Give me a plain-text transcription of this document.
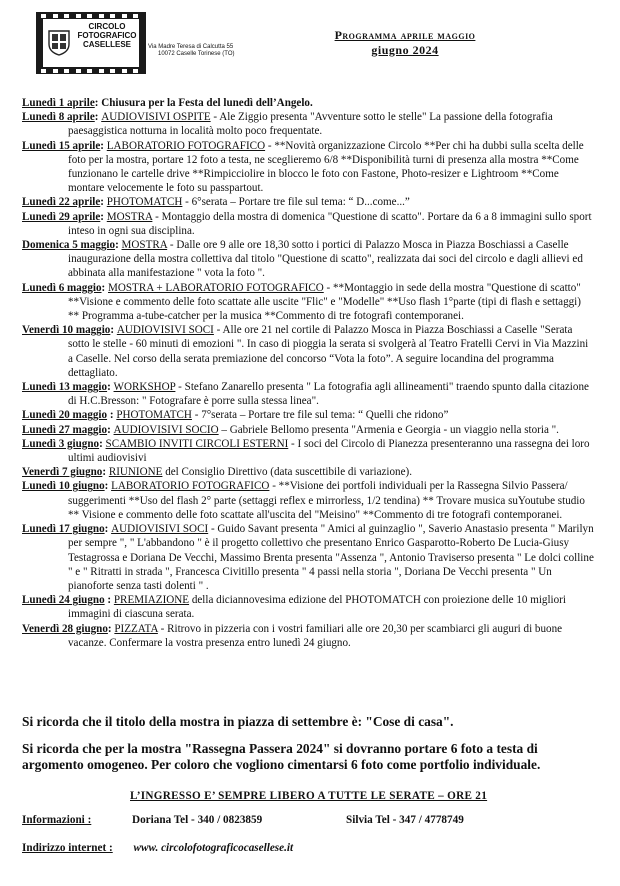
CIRCOLO
FOTOGRAFICO
CASELLESE	Via Madre Teresa di Calcutta 55
10072 Caselle Torinese (TO)
Programma aprile maggio
giugno 2024

Lunedì 1 aprile: Chiusura per la Festa del lunedì dell’Angelo.

Lunedì 8 aprile: AUDIOVISIVI OSPITE - Ale Ziggio presenta "Avventure sotto le stelle" La passione della fotografia paesaggistica notturna in località molto poco frequentate.

Lunedì 15 aprile: LABORATORIO FOTOGRAFICO - **Novità organizzazione Circolo **Per chi ha dubbi sulla scelta delle foto per la mostra, portare 12 foto a testa, ne sceglieremo 6/8 **Disponibilità turni di presenza alla mostra **Come funzionano le cartelle drive **Rimpicciolire in blocco le foto con Fastone, Photo-resizer e Lightroom **Come montare velocemente le foto su passpartout.

Lunedì 22 aprile: PHOTOMATCH - 6°serata – Portare tre file sul tema: “ D...come...”

Lunedì 29 aprile: MOSTRA - Montaggio della mostra di domenica "Questione di scatto". Portare da 6 a 8 immagini sullo sport inteso in ogni sua disciplina.

Domenica 5 maggio: MOSTRA - Dalle ore 9 alle ore 18,30 sotto i portici di Palazzo Mosca in Piazza Boschiassi a Caselle inaugurazione della mostra collettiva dal titolo "Questione di scatto", realizzata dai soci del circolo e dagli allievi ed abbinata alla manifestazione " vota la foto ".

Lunedì 6 maggio: MOSTRA + LABORATORIO FOTOGRAFICO - **Montaggio in sede della mostra "Questione di scatto" **Visione e commento delle foto scattate alle uscite "Flic" e "Modelle" **Uso flash 1°parte (tipi di flash e settaggi) ** Programma a-tube-catcher per la musica **Commento di tre fotografi contemporanei.

Venerdì 10 maggio: AUDIOVISIVI SOCI - Alle ore 21 nel cortile di Palazzo Mosca in Piazza Boschiassi a Caselle "Serata sotto le stelle - 60 minuti di emozioni ". In caso di pioggia la serata si svolgerà al Teatro Fratelli Cervi in Via Mazzini a Caselle. Nel corso della serata premiazione del concorso “Vota la foto”. A seguire locandina del programma dettagliato.

Lunedì 13 maggio: WORKSHOP - Stefano Zanarello presenta " La fotografia agli allineamenti" traendo spunto dalla citazione di H.C.Bresson: " Fotografare è porre sulla stessa linea".

Lunedì 20 maggio : PHOTOMATCH - 7°serata – Portare tre file sul tema: “ Quelli che ridono”

Lunedì 27 maggio: AUDIOVISIVI SOCIO – Gabriele Bellomo presenta "Armenia e Georgia - un viaggio nella storia ".

Lunedì 3 giugno: SCAMBIO INVITI CIRCOLI ESTERNI - I soci del Circolo di Pianezza presenteranno una rassegna dei loro ultimi audiovisivi

Venerdì 7 giugno: RIUNIONE del Consiglio Direttivo (data suscettibile di variazione).

Lunedì 10 giugno: LABORATORIO FOTOGRAFICO - **Visione dei portfoli individuali per la Rassegna Silvio Passera/ suggerimenti **Uso del flash 2° parte (settaggi reflex e mirrorless, 1/2 tendina) ** Trovare musica suYoutube studio ** Visione e commento delle foto scattate all'uscita del "Meisino" **Commento di tre fotografi contemporanei.

Lunedì 17 giugno: AUDIOVISIVI SOCI - Guido Savant presenta " Amici al guinzaglio ", Saverio Anastasio presenta " Marilyn per sempre ", " L'abbandono " è il progetto collettivo che presentano Enrico Gasparotto-Roberto De Lucia-Giusy Testagrossa e Doriana De Vecchi, Massimo Brenta presenta "Assenza ", Antonio Traviserso presenta " Le dolci colline " e " Ritratti in strada ", Francesca Civitillo presenta " 4 passi nella storia ", Doriana De Vecchi presenta " Un pianoforte senza tasti dolenti " .

Lunedì 24 giugno : PREMIAZIONE della diciannovesima edizione del PHOTOMATCH con proiezione delle 10 migliori immagini di ciascuna serata.

Venerdì 28 giugno: PIZZATA - Ritrovo in pizzeria con i vostri familiari alle ore 20,30 per scambiarci gli auguri di buone vacanze. Confermare la vostra presenza entro lunedì 24 giugno.

Si ricorda che il titolo della mostra in piazza di settembre è: "Cose di casa".

Si ricorda che per la mostra "Rassegna Passera 2024" si dovranno portare 6 foto a testa di argomento omogeneo. Per coloro che vogliono cimentarsi 6 foto come portfolio individuale.

L’INGRESSO E’ SEMPRE LIBERO A TUTTE LE SERATE – ORE 21
Informazioni :	Doriana Tel - 340 / 0823859	Silvia Tel - 347 / 4778749
Indirizzo internet : www. circolofotograficocasellese.it
